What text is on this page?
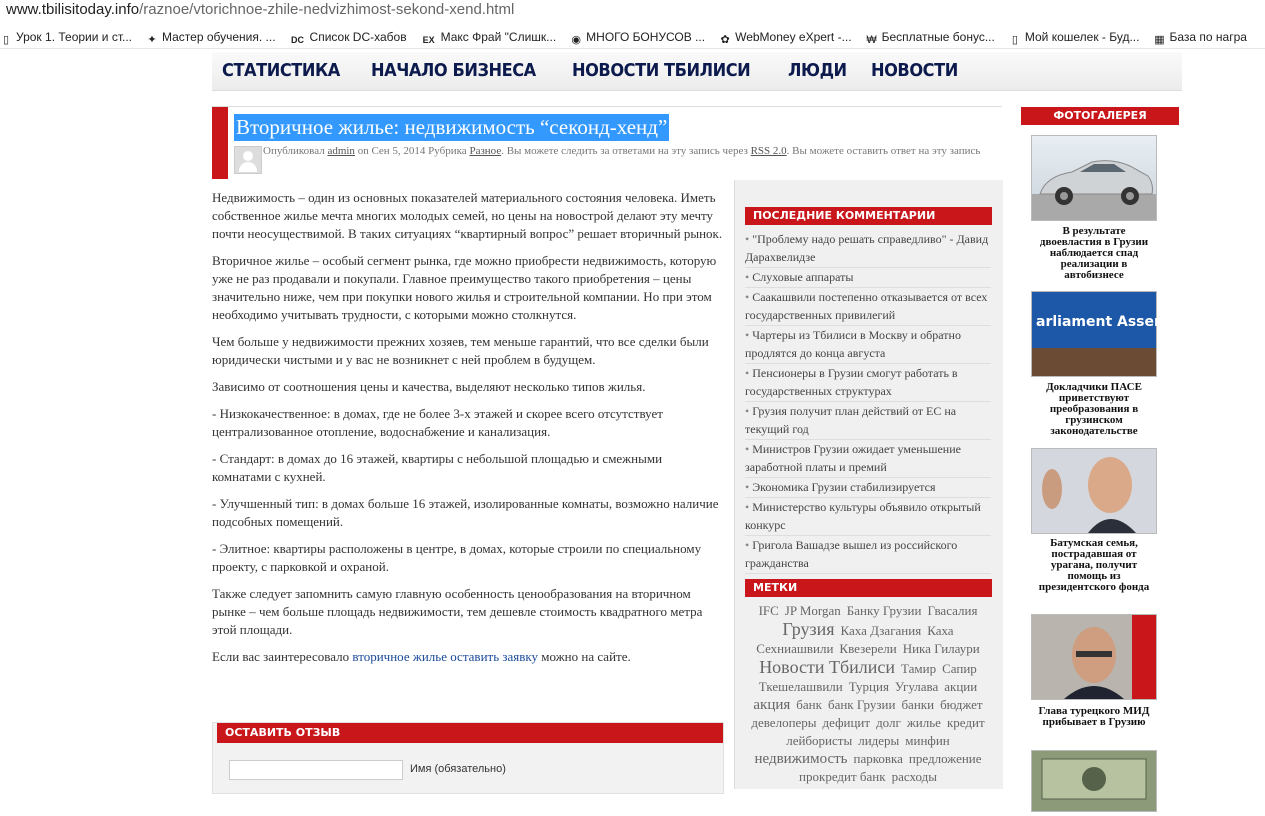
www.tbilisitoday.info/raznoe/vtorichnoe-zhile-nedvizhimost-sekond-xend.html
▯ Урок 1. Теории и ст... ✦ Мастер обучения. ... DC Список DC-хабов EX Макс Фрай "Слишк... ◉ МНОГО БОНУСОВ ... ✿ WebMoney eXpert -... ₩ Бесплатные бонус... ▯ Мой кошелек - Буд... ▦ База по награ
СТАТИСТИКА НАЧАЛО БИЗНЕСА НОВОСТИ ТБИЛИСИ ЛЮДИ НОВОСТИ
Вторичное жилье: недвижимость “секонд-хенд”
Опубликовал admin on Сен 5, 2014 Рубрика Разное. Вы можете следить за ответами на эту запись через RSS 2.0. Вы можете оставить ответ на эту запись

Недвижимость – один из основных показателей материального состояния человека. Иметь собственное жилье мечта многих молодых семей, но цены на новострой делают эту мечту почти неосуществимой. В таких ситуациях “квартирный вопрос” решает вторичный рынок.

Вторичное жилье – особый сегмент рынка, где можно приобрести недвижимость, которую уже не раз продавали и покупали. Главное преимущество такого приобретения – цены значительно ниже, чем при покупки нового жилья и строительной компании. Но при этом необходимо учитывать трудности, с которыми можно столкнутся.

Чем больше у недвижимости прежних хозяев, тем меньше гарантий, что все сделки были юридически чистыми и у вас не возникнет с ней проблем в будущем.

Зависимо от соотношения цены и качества, выделяют несколько типов жилья.

- Низкокачественное: в домах, где не более 3-х этажей и скорее всего отсутствует централизованное отопление, водоснабжение и канализация.

- Стандарт: в домах до 16 этажей, квартиры с небольшой площадью и смежными комнатами с кухней.

- Улучшенный тип: в домах больше 16 этажей, изолированные комнаты, возможно наличие подсобных помещений.

- Элитное: квартиры расположены в центре, в домах, которые строили по специальному проекту, с парковкой и охраной.

Также следует запомнить самую главную особенность ценообразования на вторичном рынке – чем больше площадь недвижимости, тем дешевле стоимость квадратного метра этой площади.

Если вас заинтересовало вторичное жилье оставить заявку можно на сайте.

ОСТАВИТЬ ОТЗЫВ
Имя (обязательно)
ПОСЛЕДНИЕ КОММЕНТАРИИ
• "Проблему надо решать справедливо" - Давид Дарахвелидзе
• Слуховые аппараты
• Саакашвили постепенно отказывается от всех государственных привилегий
• Чартеры из Тбилиси в Москву и обратно продлятся до конца августа
• Пенсионеры в Грузии смогут работать в государственных структурах
• Грузия получит план действий от ЕС на текущий год
• Министров Грузии ожидает уменьшение заработной платы и премий
• Экономика Грузии стабилизируется
• Министерство культуры объявило открытый конкурс
• Григола Вашадзе вышел из российского гражданства
МЕТКИ
IFC JP Morgan Банку Грузии Гвасалия Грузия Каха Дзагания Каха Сехниашвили Квезерели Ника Гилаури Новости Тбилиси Тамир Сапир Ткешелашвили Турция Угулава акции акция банк банк Грузии банки бюджет девелоперы дефицит долг жилье кредит лейбористы лидеры минфин недвижимость парковка предложение прокредит банк расходы
ФОТОГАЛЕРЕЯ
В результате двоевластия в Грузии наблюдается спад реализации в автобизнесе
arliament Assemb
Докладчики ПАСЕ приветствуют преобразования в грузинском законодательстве
Батумская семья, пострадавшая от урагана, получит помощь из президентского фонда
Глава турецкого МИД прибывает в Грузию
